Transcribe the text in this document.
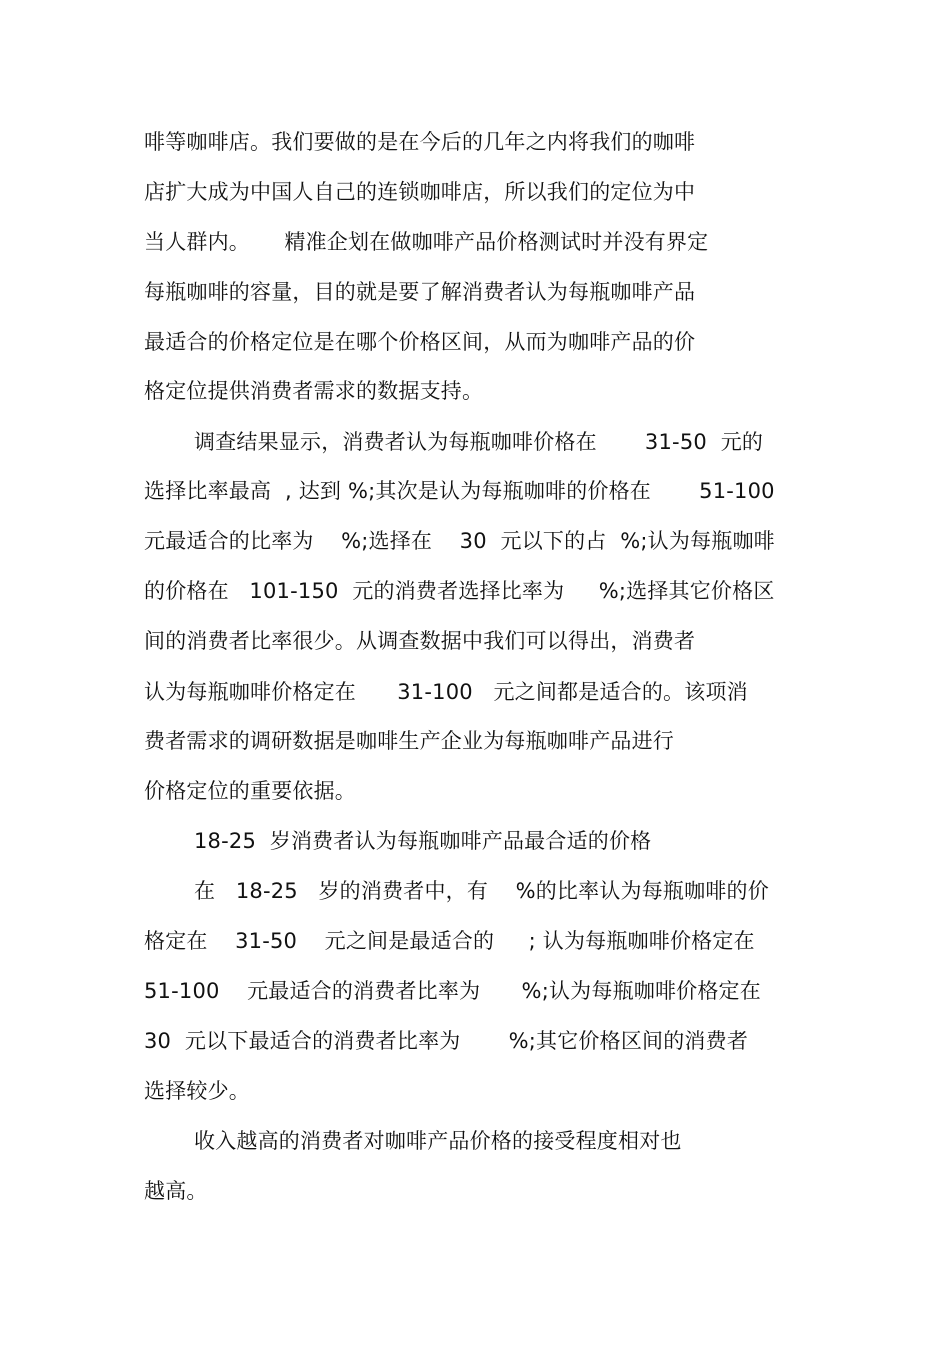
啡等咖啡店。我们要做的是在今后的几年之内将我们的咖啡
店扩大成为中国人自己的连锁咖啡店，所以我们的定位为中
当人群内。     精准企划在做咖啡产品价格测试时并没有界定
每瓶咖啡的容量，目的就是要了解消费者认为每瓶咖啡产品
最适合的价格定位是在哪个价格区间，从而为咖啡产品的价
格定位提供消费者需求的数据支持。
调查结果显示，消费者认为每瓶咖啡价格在       31-50  元的
选择比率最高  , 达到 %;其次是认为每瓶咖啡的价格在       51-100
元最适合的比率为    %;选择在    30  元以下的占  %;认为每瓶咖啡
的价格在   101-150  元的消费者选择比率为     %;选择其它价格区
间的消费者比率很少。从调查数据中我们可以得出，消费者
认为每瓶咖啡价格定在      31-100   元之间都是适合的。该项消
费者需求的调研数据是咖啡生产企业为每瓶咖啡产品进行
价格定位的重要依据。
18-25  岁消费者认为每瓶咖啡产品最合适的价格
在   18-25   岁的消费者中，有    %的比率认为每瓶咖啡的价
格定在    31-50    元之间是最适合的     ; 认为每瓶咖啡价格定在
51-100    元最适合的消费者比率为      %;认为每瓶咖啡价格定在
30  元以下最适合的消费者比率为       %;其它价格区间的消费者
选择较少。
收入越高的消费者对咖啡产品价格的接受程度相对也
越高。
